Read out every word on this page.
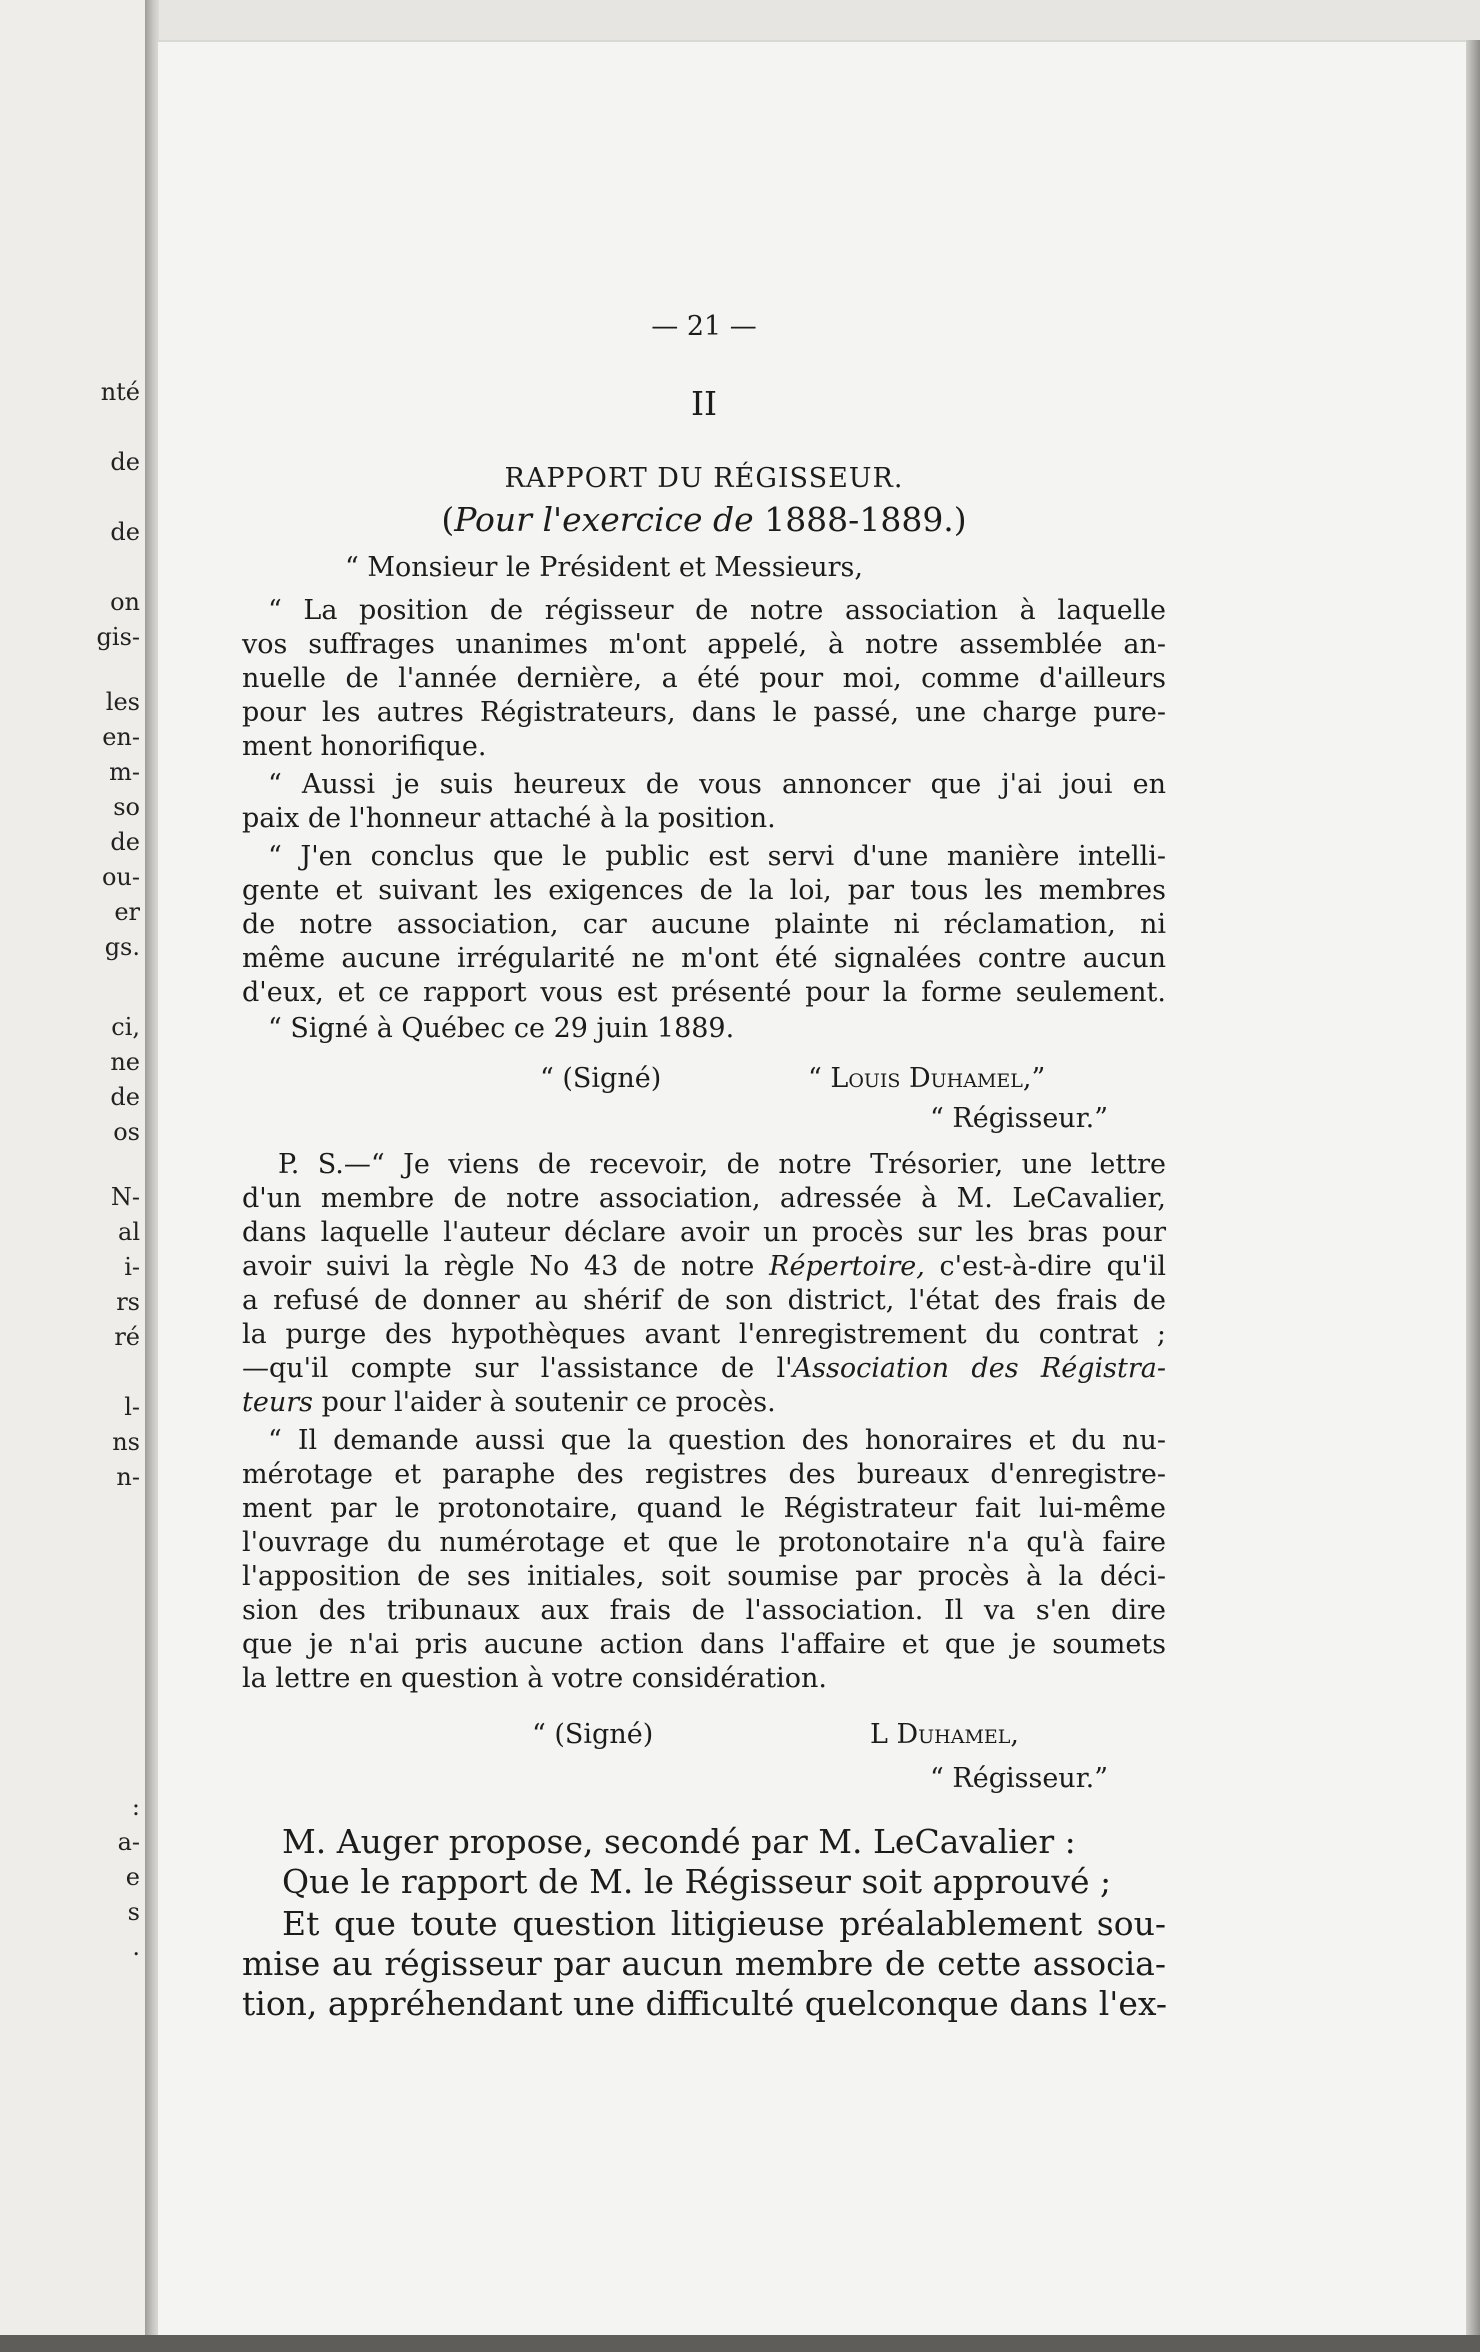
nté
de
de
on
gis-
les
en-
m-
so
de
ou-
er
gs.
ci,
ne
de
os
N-
al
i-
rs
ré
l-
ns
n-
:
a-
e
s
.
— 21 —
II
RAPPORT DU RÉGISSEUR.
(Pour l'exercice de 1888-1889.)
“ Monsieur le Président et Messieurs,
“ La position de régisseur de notre association à laquelle
vos suffrages unanimes m'ont appelé, à notre assemblée an-
nuelle de l'année dernière, a été pour moi, comme d'ailleurs
pour les autres Régistrateurs, dans le passé, une charge pure-
ment honorifique.
“ Aussi je suis heureux de vous annoncer que j'ai joui en
paix de l'honneur attaché à la position.
“ J'en conclus que le public est servi d'une manière intelli-
gente et suivant les exigences de la loi, par tous les membres
de notre association, car aucune plainte ni réclamation, ni
même aucune irrégularité ne m'ont été signalées contre aucun
d'eux, et ce rapport vous est présenté pour la forme seulement.
“ Signé à Québec ce 29 juin 1889.
“ (Signé)	“ Louis Duhamel,”
“ Régisseur.”
P. S.—“ Je viens de recevoir, de notre Trésorier, une lettre
d'un membre de notre association, adressée à M. LeCavalier,
dans laquelle l'auteur déclare avoir un procès sur les bras pour
avoir suivi la règle No 43 de notre Répertoire, c'est-à-dire qu'il
a refusé de donner au shérif de son district, l'état des frais de
la purge des hypothèques avant l'enregistrement du contrat ;
—qu'il compte sur l'assistance de l'Association des Régistra-
teurs pour l'aider à soutenir ce procès.
“ Il demande aussi que la question des honoraires et du nu-
mérotage et paraphe des registres des bureaux d'enregistre-
ment par le protonotaire, quand le Régistrateur fait lui-même
l'ouvrage du numérotage et que le protonotaire n'a qu'à faire
l'apposition de ses initiales, soit soumise par procès à la déci-
sion des tribunaux aux frais de l'association. Il va s'en dire
que je n'ai pris aucune action dans l'affaire et que je soumets
la lettre en question à votre considération.
“ (Signé)	L Duhamel,
“ Régisseur.”
M. Auger propose, secondé par M. LeCavalier :
Que le rapport de M. le Régisseur soit approuvé ;
Et que toute question litigieuse préalablement sou-
mise au régisseur par aucun membre de cette associa-
tion, appréhendant une difficulté quelconque dans l'ex-
